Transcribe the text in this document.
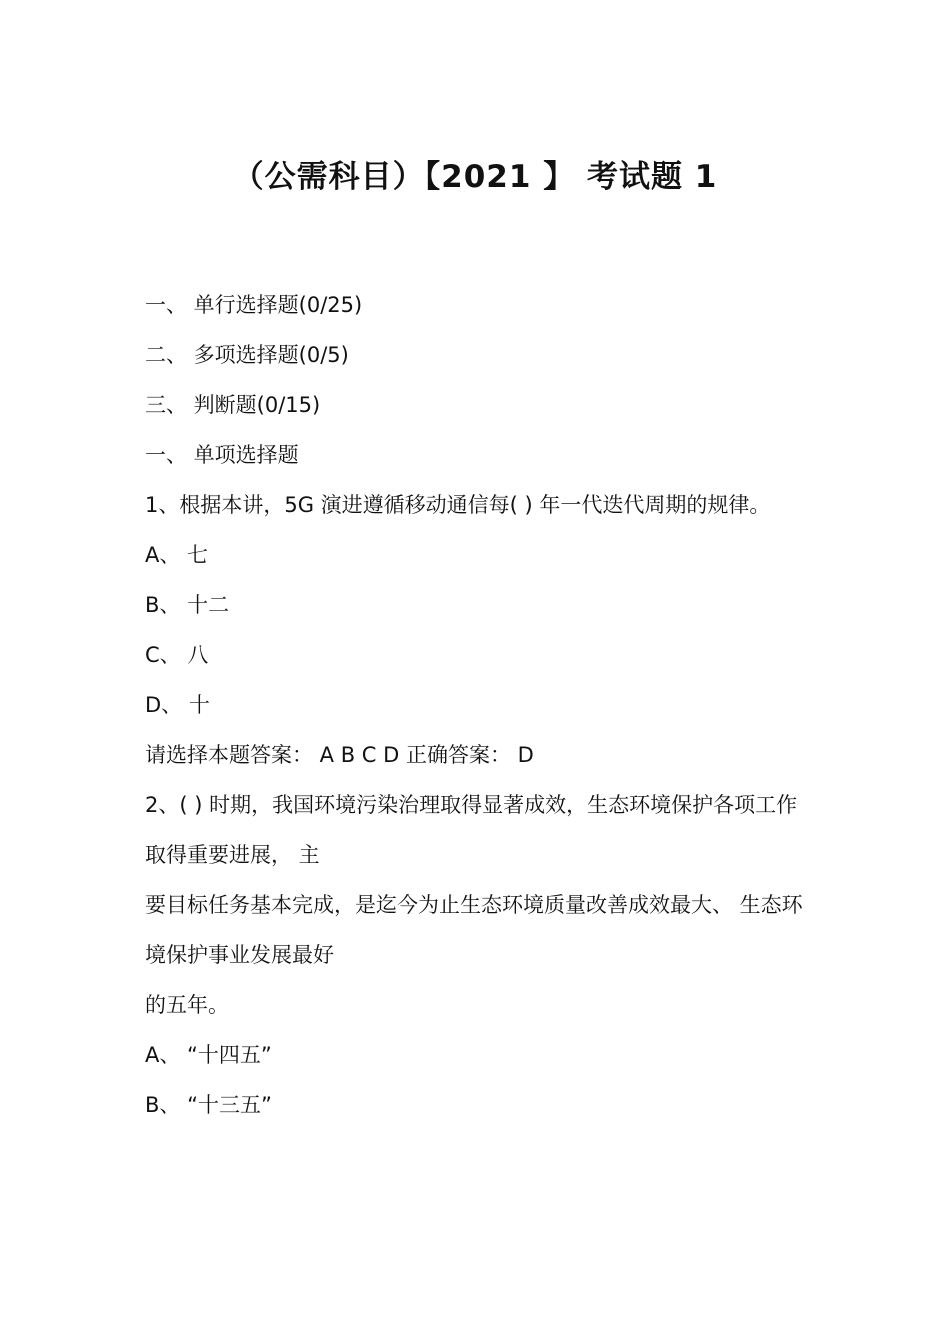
（公需科目）【2021 】 考试题 1
一、 单行选择题(0/25)
二、 多项选择题(0/5)
三、 判断题(0/15)
一、 单项选择题
1、根据本讲，5G 演进遵循移动通信每( ) 年一代迭代周期的规律。
A、 七
B、 十二
C、 八
D、 十
请选择本题答案： A B C D 正确答案： D
2、( ) 时期，我国环境污染治理取得显著成效，生态环境保护各项工作取得重要进展， 主
要目标任务基本完成，是迄今为止生态环境质量改善成效最大、 生态环境保护事业发展最好
的五年。
A、 “十四五”
B、 “十三五”
